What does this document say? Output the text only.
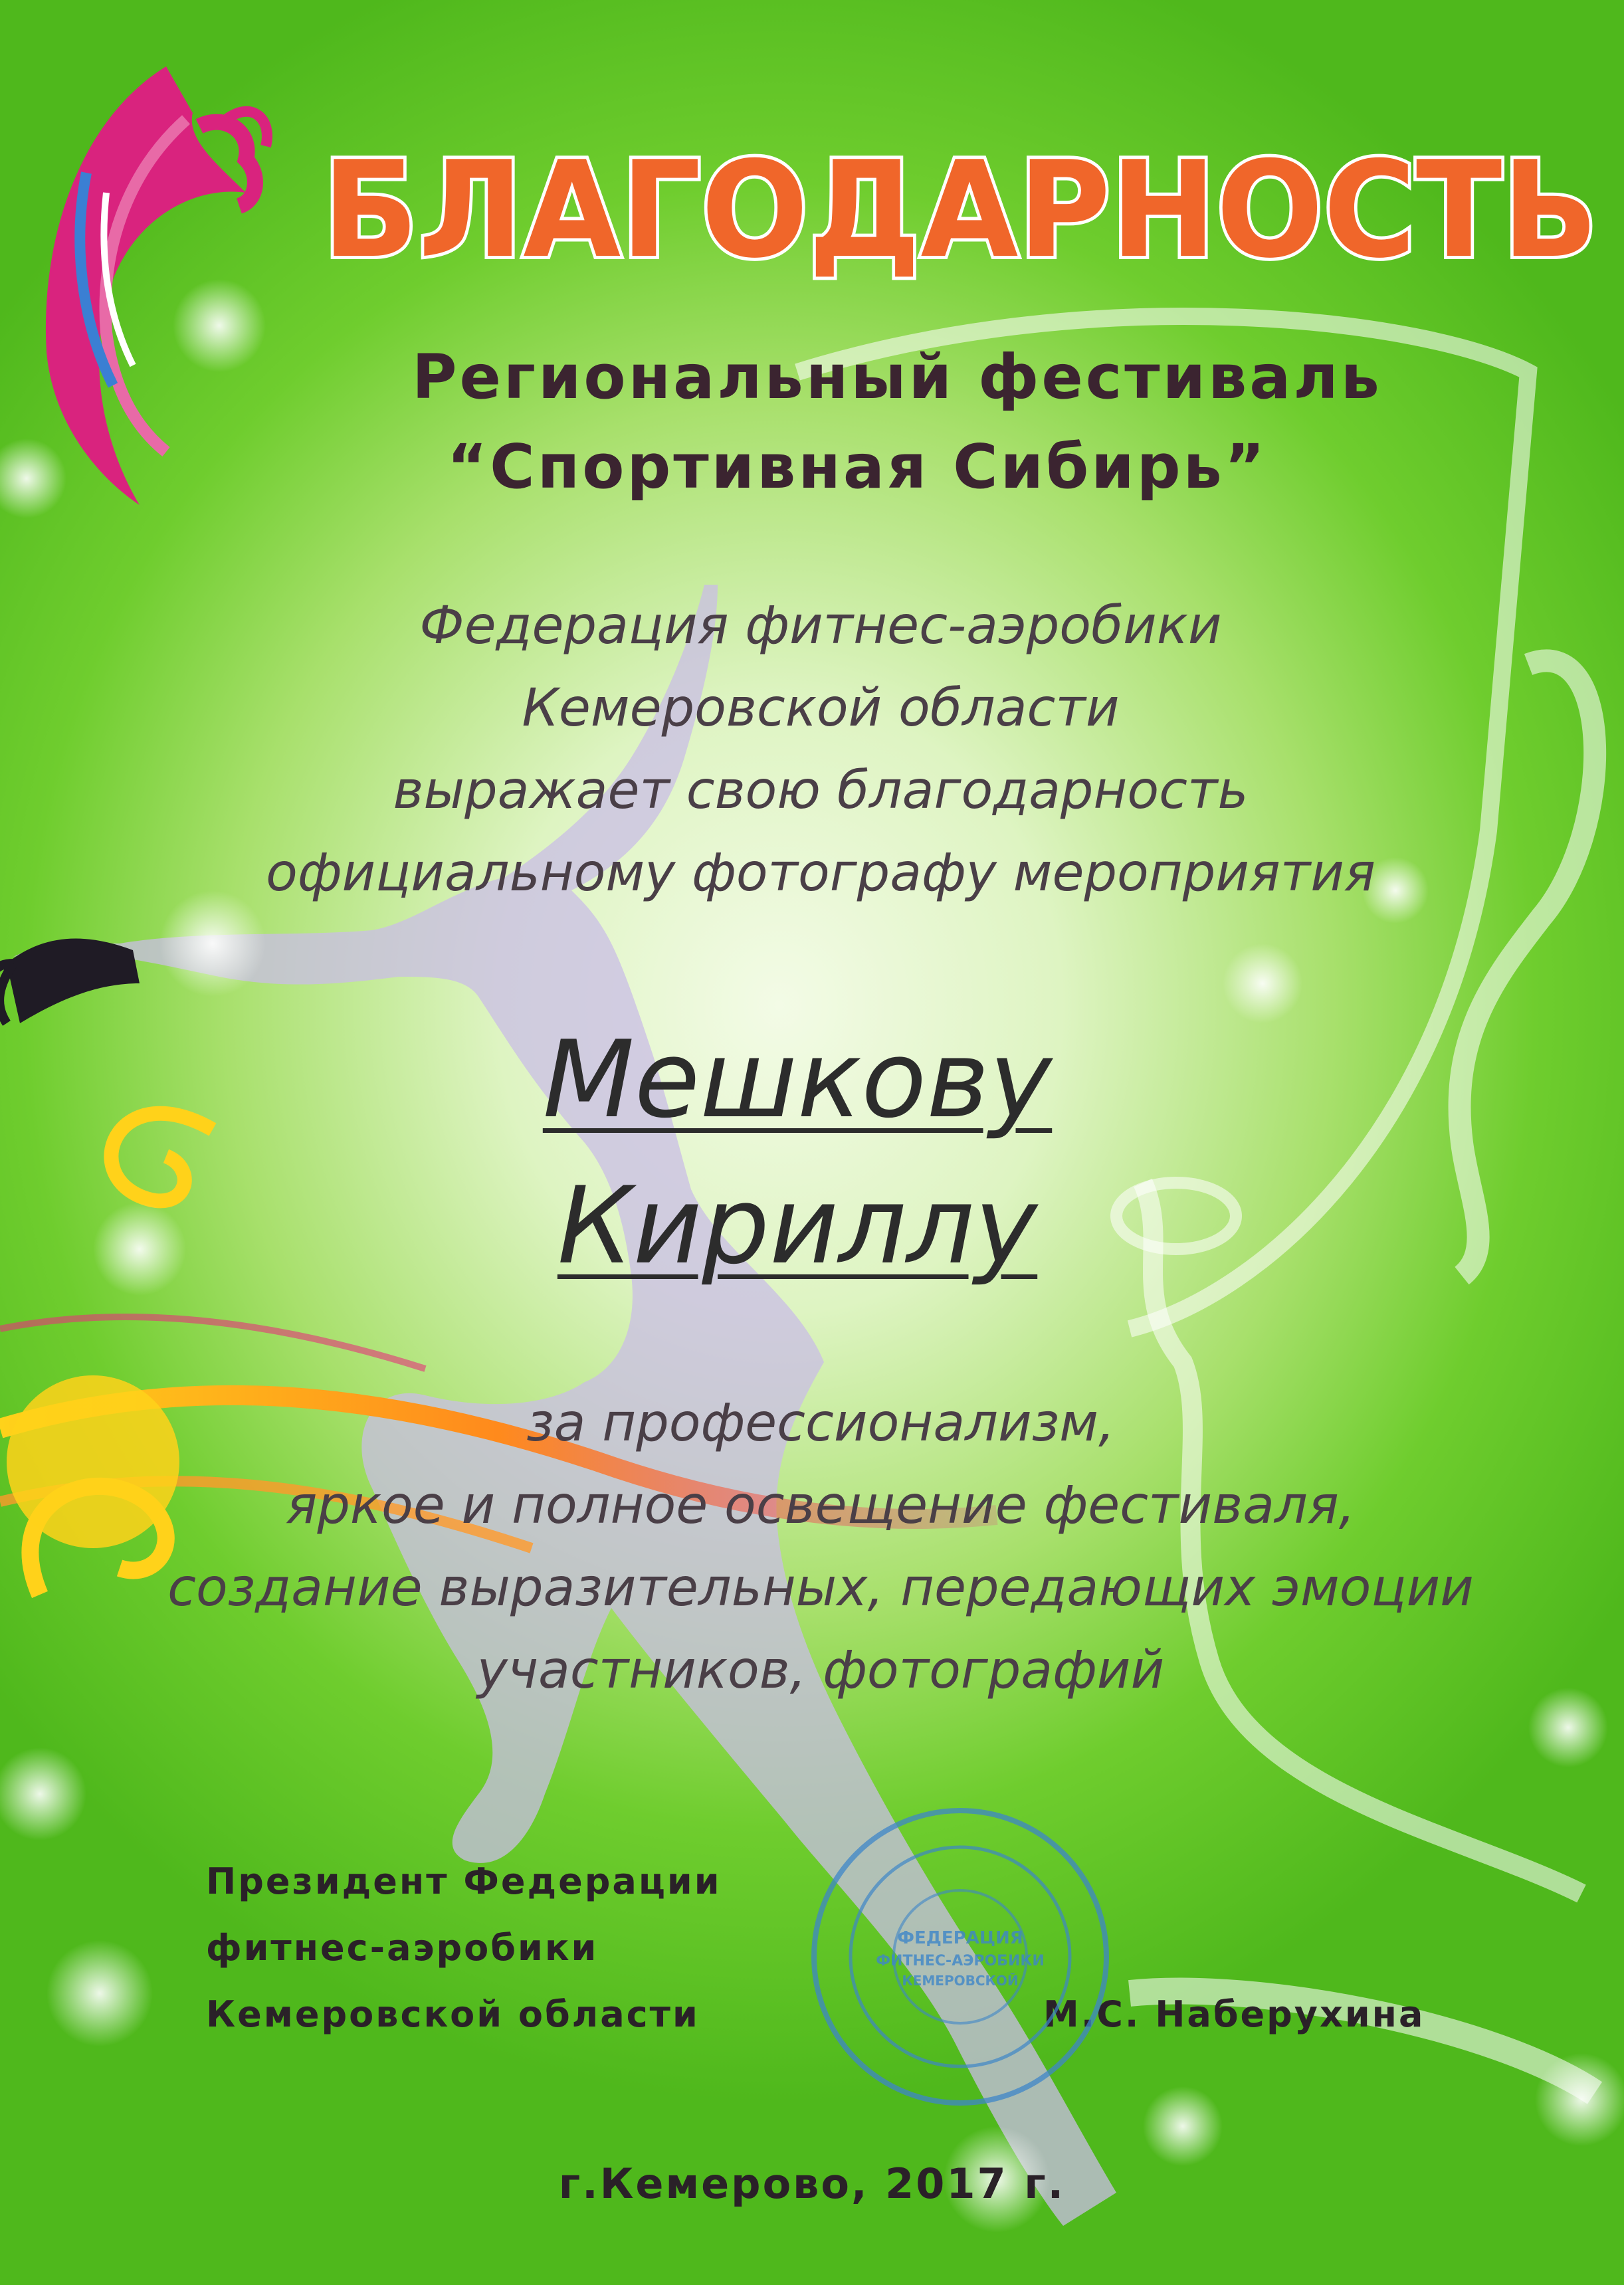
БЛАГОДАРНОСТЬ

Региональный фестиваль

“Спортивная Сибирь”

Федерация фитнес-аэробики
Кемеровской области
выражает свою благодарность
официальному фотографу мероприятия

Мешкову

Кириллу

за профессионализм,
яркое и полное освещение фестиваля,
создание выразительных, передающих эмоции
участников, фотографий

Президент Федерации

фитнес-аэробики

Кемеровской области	М.С. Наберухина

ФЕДЕРАЦИЯ
ФИТНЕС-АЭРОБИКИ
КЕМЕРОВСКОЙ

г.Кемерово, 2017 г.
